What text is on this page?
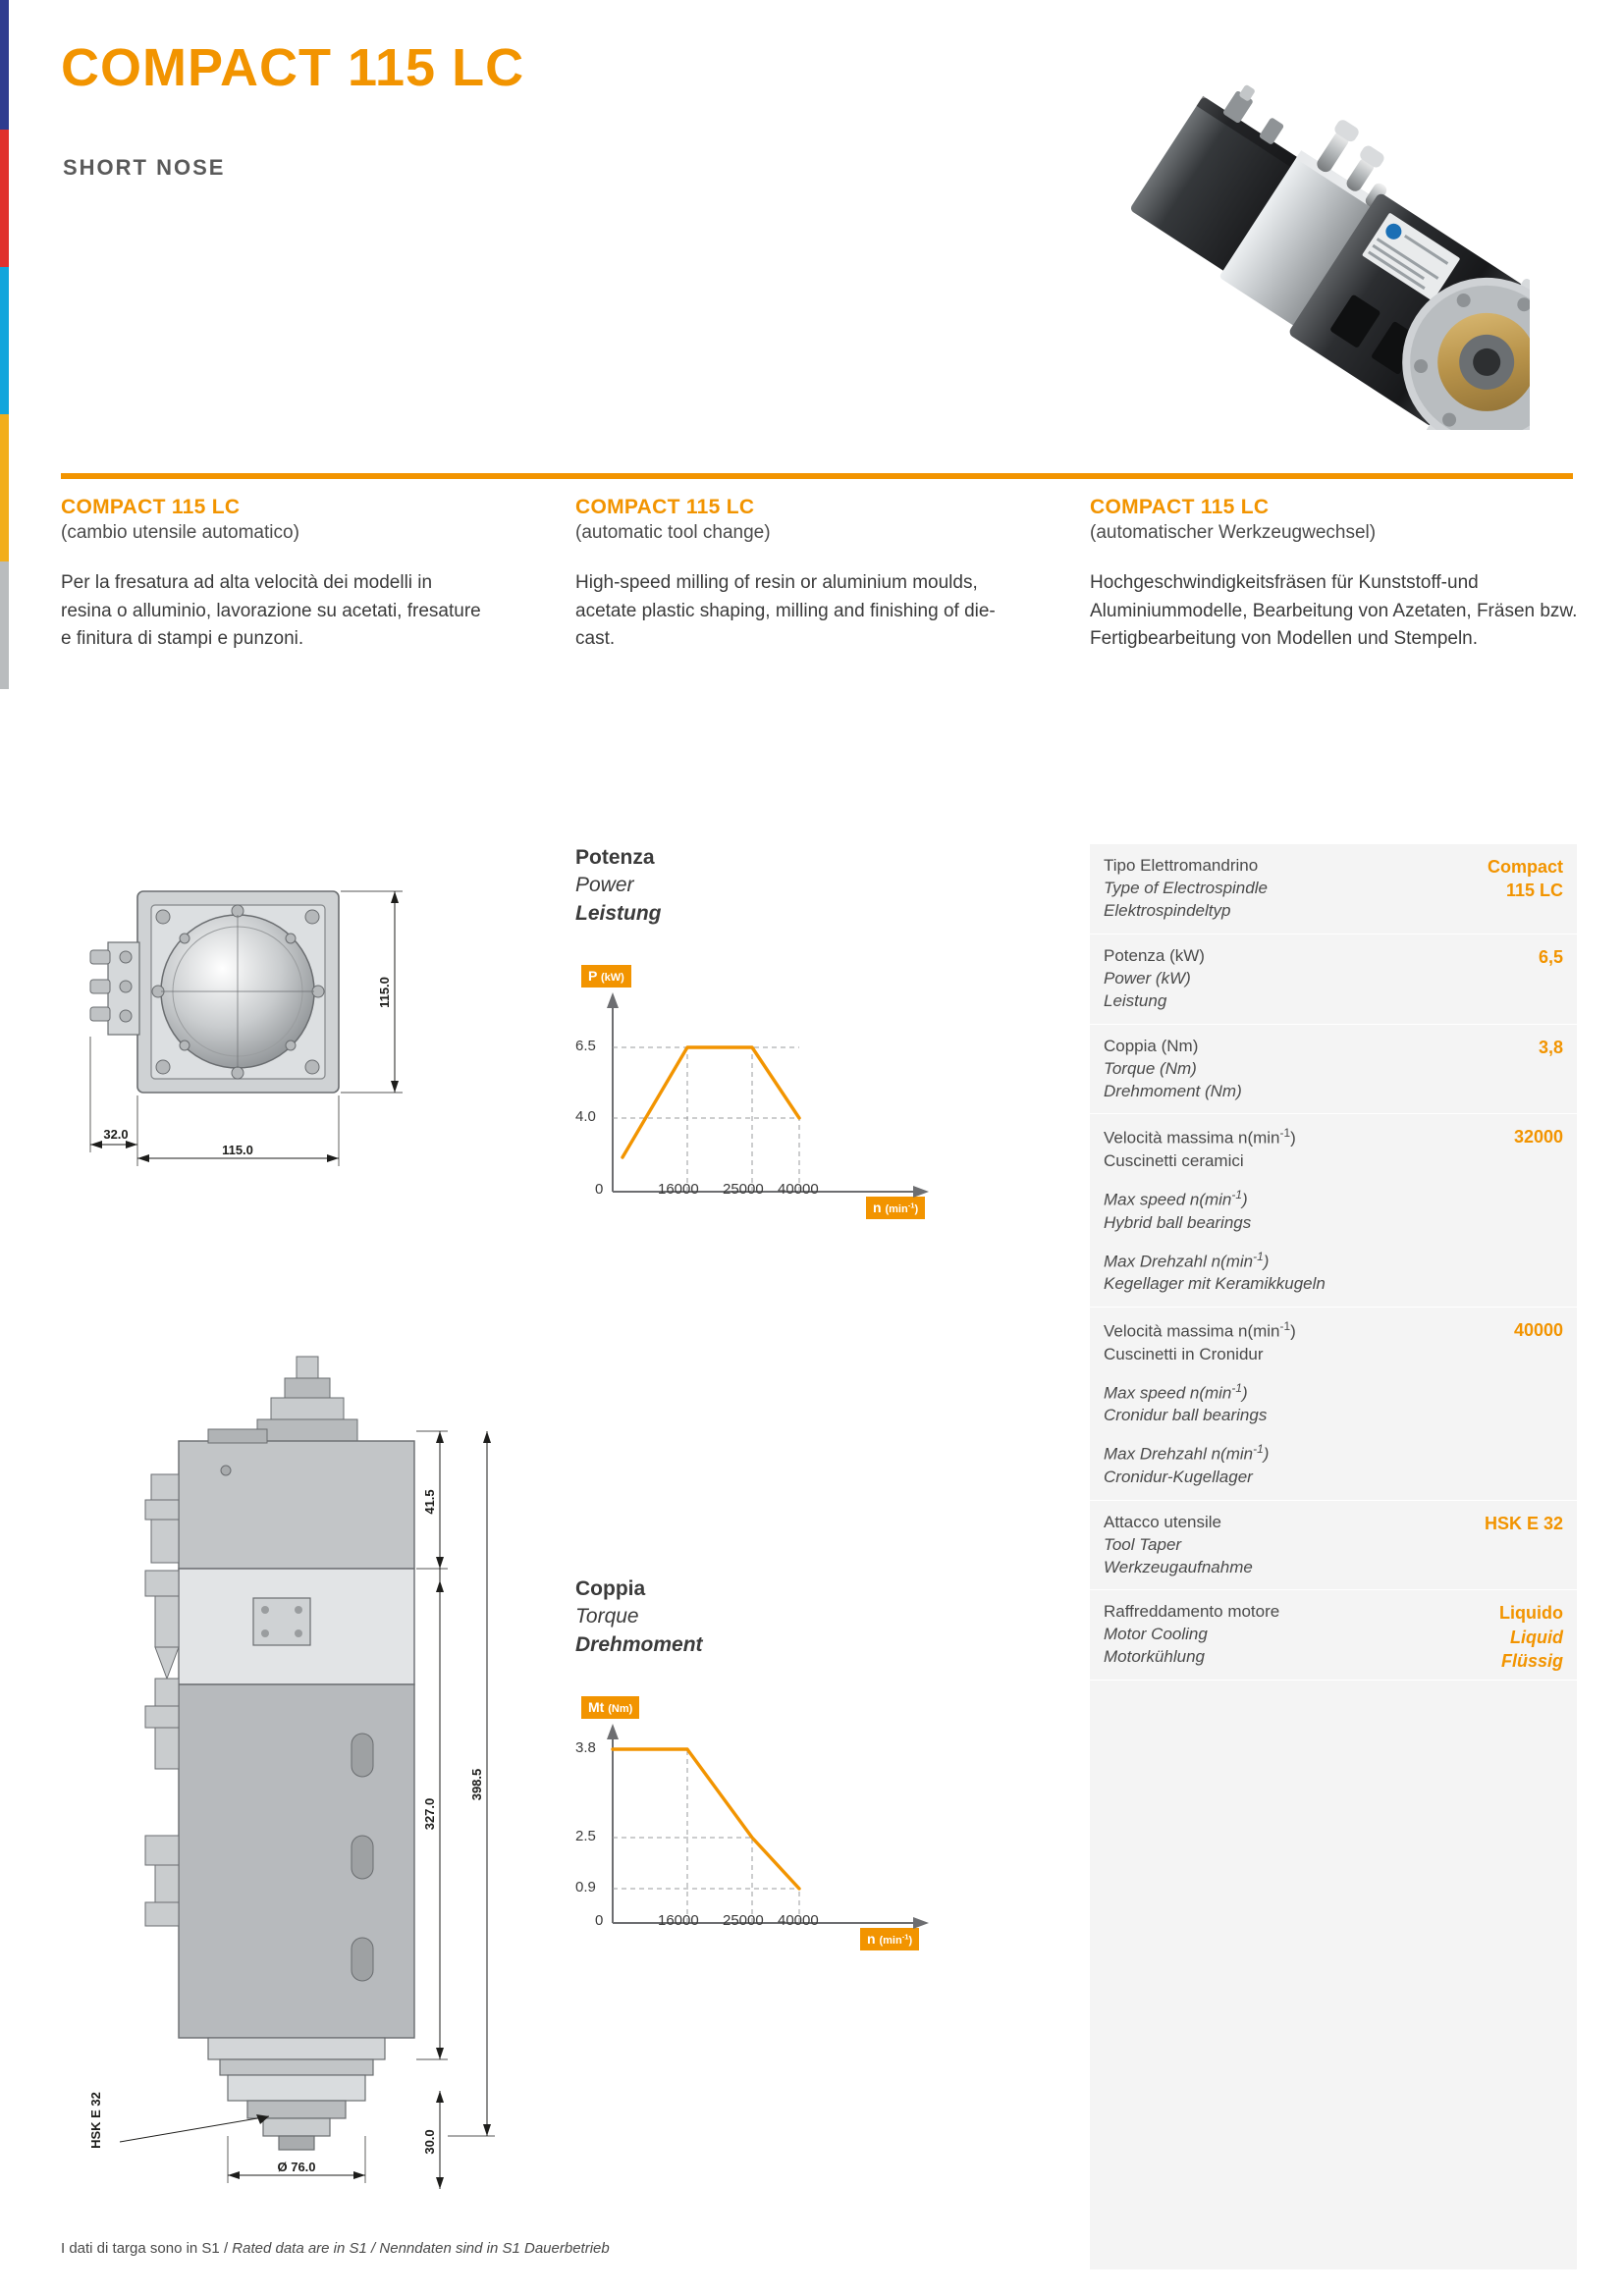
COMPACT 115 LC
SHORT NOSE
COMPACT 115 LC
(cambio utensile automatico)
Per la fresatura ad alta velocità dei modelli in resina o alluminio, lavorazione su acetati, fresature e finitura di stampi e punzoni.
COMPACT 115 LC
(automatic tool change)
High-speed milling of resin or aluminium moulds, acetate plastic shaping, milling and finishing of die-cast.
COMPACT 115 LC
(automatischer Werkzeugwechsel)
Hochgeschwindigkeitsfräsen für Kunststoff-und Aluminiummodelle, Bearbeitung von Azetaten, Fräsen bzw. Fertigbearbeitung von Modellen und Stempeln.
115.0
115.0
32.0
41.5
327.0
398.5
30.0
Ø 76.0
HSK E 32
Potenza
Power
Leistung
P (kW)
n $(\min^{-1})$
0	16000 25000 40000
6.5
4.0
Coppia
Torque
Drehmoment
Mt (Nm)
n $(\min^{-1})$
0	16000 25000 40000
3.8
2.5
0.9
Tipo Elettromandrino
Type of Electrospindle
Elektrospindeltyp
Compact
115 LC
Potenza (kW)
Power (kW)
Leistung
6,5
Coppia (Nm)
Torque (Nm)
Drehmoment (Nm)
3,8
Velocità massima $n(\min^{-1})$
Cuscinetti ceramici
Max speed $n(\min^{-1})$
Hybrid ball bearings
Max Drehzahl $n(\min^{-1})$
Kegellager mit Keramikkugeln
32000
Velocità massima $n(\min^{-1})$
Cuscinetti in Cronidur
Max speed $n(\min^{-1})$
Cronidur ball bearings
Max Drehzahl $n(\min^{-1})$
Cronidur-Kugellager
40000
Attacco utensile
Tool Taper
Werkzeugaufnahme
HSK E 32
Raffreddamento motore
Motor Cooling
Motorkühlung
Liquido
Liquid
Flüssig
I dati di targa sono in S1 / Rated data are in S1 / Nenndaten sind in S1 Dauerbetrieb
